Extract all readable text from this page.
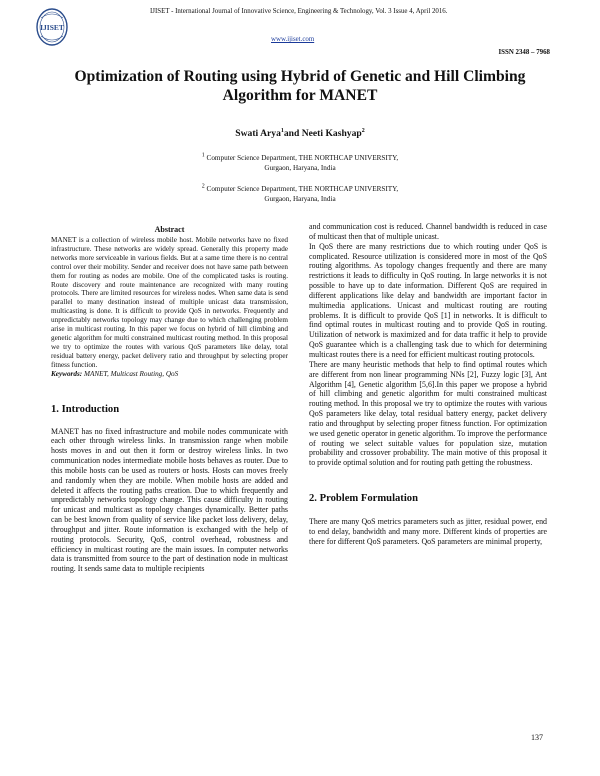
IJISET
IJISET - International Journal of Innovative Science, Engineering & Technology, Vol. 3 Issue 4, April 2016.
www.ijiset.com
ISSN 2348 – 7968
Optimization of Routing using Hybrid of Genetic and Hill Climbing Algorithm for MANET
Swati Arya$^1$and Neeti Kashyap$^2$
$^1$ Computer Science Department, THE NORTHCAP UNIVERSITY,
Gurgaon, Haryana, India
$^2$ Computer Science Department, THE NORTHCAP UNIVERSITY,
Gurgaon, Haryana, India
Abstract
MANET is a collection of wireless mobile host. Mobile networks have no fixed infrastructure. These networks are widely spread. Generally this property made networks more serviceable in various fields. But at a same time there is no central control over their mobility. Sender and receiver does not have same path between them for routing as nodes are mobile. One of the complicated tasks is routing. Route discovery and route maintenance are recognized with many routing protocols. There are limited resources for wireless nodes. When same data is send parallel to many destination instead of multiple unicast data transmission, multicasting is done. It is difficult to provide QoS in networks. Frequently and unpredictably networks topology may change due to which challenging problem arise in multicast routing. In this paper we focus on hybrid of hill climbing and genetic algorithm for multi constrained multicast routing method. In this proposal we try to optimize the routes with various QoS parameters like delay, total residual battery energy, packet delivery ratio and throughput by selecting proper fitness function.
Keywords: MANET, Multicast Routing, QoS
1. Introduction
MANET has no fixed infrastructure and mobile nodes communicate with each other through wireless links. In transmission range when mobile hosts moves in and out then it form or destroy wireless links. In two communication nodes intermediate mobile hosts behaves as router. Due to this mobile hosts can be used as routers or hosts. Hosts can moves freely and randomly when they are mobile. When mobile hosts are added and deleted it affects the routing paths creation. Due to which frequently and unpredictably networks topology change. This cause difficulty in routing for unicast and multicast as topology changes dynamically. Better paths can be best known from quality of service like packet loss delivery, delay, throughput and jitter. Route information is exchanged with the help of routing protocols. Security, QoS, control overhead, robustness and efficiency in multicast routing are the main issues. In computer networks data is transmitted from source to the part of destination node in multicast routing. It sends same data to multiple recipients

and communication cost is reduced. Channel bandwidth is reduced in case of multicast then that of multiple unicast.

In QoS there are many restrictions due to which routing under QoS is complicated. Resource utilization is considered more in most of the QoS routing algorithms. As topology changes frequently and there are many restrictions it leads to difficulty in QoS routing. In large networks it is not possible to have up to date information. Different QoS are required in different applications like delay and bandwidth are important factor in multimedia applications. Unicast and multicast routing are routing problems. It is difficult to provide QoS [1] in networks. It is difficult to find optimal routes in multicast routing and to provide QoS in routing. Utilization of network is maximized and for data traffic it help to provide QoS guarantee which is a challenging task due to which for determining multicast routes there is a need for efficient multicast routing protocols.

There are many heuristic methods that help to find optimal routes which are different from non linear programming NNs [2], Fuzzy logic [3], Ant Algorithm [4], Genetic algorithm [5,6].In this paper we propose a hybrid of hill climbing and genetic algorithm for multi constrained multicast routing method. In this proposal we try to optimize the routes with various QoS parameters like delay, total residual battery energy, packet delivery ratio and throughput by selecting proper fitness function. For optimization we used genetic operator in genetic algorithm. To improve the performance of routing we select suitable values for population size, mutation probability and crossover probability. The main motive of this proposal it to provide optimal solution and for routing path getting the robustness.

2. Problem Formulation

There are many QoS metrics parameters such as jitter, residual power, end to end delay, bandwidth and many more. Different kinds of properties are there for different QoS parameters. QoS parameters are minimal property,

137
